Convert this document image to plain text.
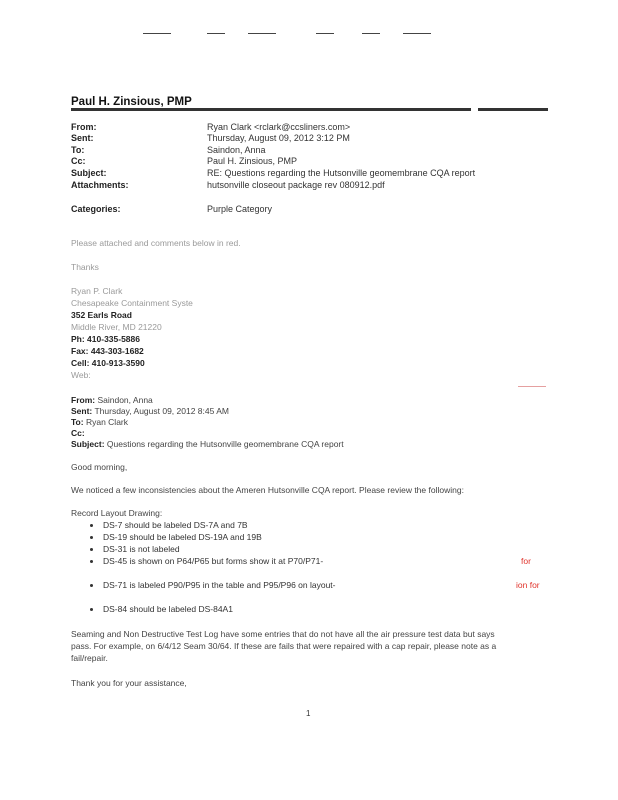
Paul H. Zinsious, PMP
From:	Ryan Clark <rclark@ccsliners.com>
Sent:	Thursday, August 09, 2012 3:12 PM
To:	Saindon, Anna
Cc:	Paul H. Zinsious, PMP
Subject:	RE: Questions regarding the Hutsonville geomembrane CQA report
Attachments:	hutsonville closeout package rev 080912.pdf
Categories:	Purple Category
Please attached and comments below in red.
Thanks
Ryan P. Clark
Chesapeake Containment Syste
352 Earls Road
Middle River, MD 21220
Ph: 410-335-5886
Fax: 443-303-1682
Cell: 410-913-3590
Web:
From: Saindon, Anna
Sent: Thursday, August 09, 2012 8:45 AM
To: Ryan Clark
Cc:
Subject: Questions regarding the Hutsonville geomembrane CQA report
Good morning,
We noticed a few inconsistencies about the Ameren Hutsonville CQA report. Please review the following:
Record Layout Drawing:
DS-7 should be labeled DS-7A and 7B
DS-19 should be labeled DS-19A and 19B
DS-31 is not labeled
DS-45 is shown on P64/P65 but forms show it at P70/P71-	for
DS-71 is labeled P90/P95 in the table and P95/P96 on layout-	ion for
DS-84 should be labeled DS-84A1
Seaming and Non Destructive Test Log have some entries that do not have all the air pressure test data but says
pass. For example, on 6/4/12 Seam 30/64. If these are fails that were repaired with a cap repair, please note as a
fail/repair.
Thank you for your assistance,
1
